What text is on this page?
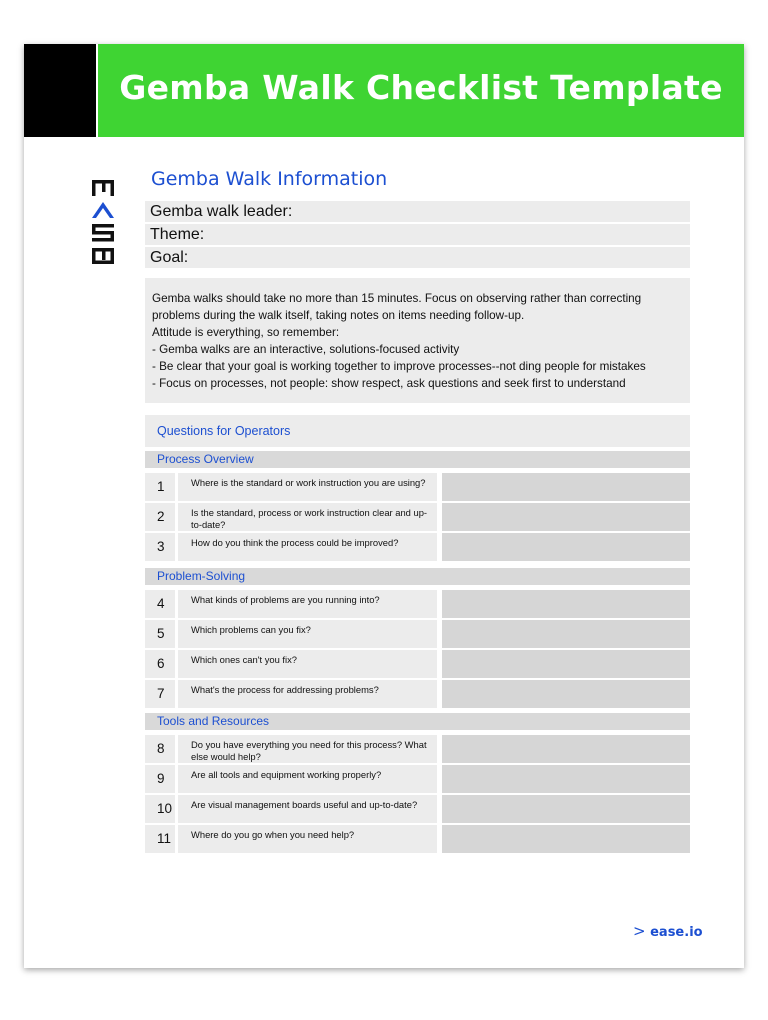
Gemba Walk Checklist Template
Gemba Walk Information
Gemba walk leader:
Theme:
Goal:
Gemba walks should take no more than 15 minutes. Focus on observing rather than correcting
problems during the walk itself, taking notes on items needing follow-up.
Attitude is everything, so remember:
- Gemba walks are an interactive, solutions-focused activity
- Be clear that your goal is working together to improve processes--not ding people for mistakes
- Focus on processes, not people: show respect, ask questions and seek first to understand
Questions for Operators
Process Overview
1	Where is the standard or work instruction you are using?
2	Is the standard, process or work instruction clear and up-to-date?
3	How do you think the process could be improved?
Problem-Solving
4	What kinds of problems are you running into?
5	Which problems can you fix?
6	Which ones can't you fix?
7	What's the process for addressing problems?
Tools and Resources
8	Do you have everything you need for this process? What else would help?
9	Are all tools and equipment working properly?
10	Are visual management boards useful and up-to-date?
11	Where do you go when you need help?
> ease.io
